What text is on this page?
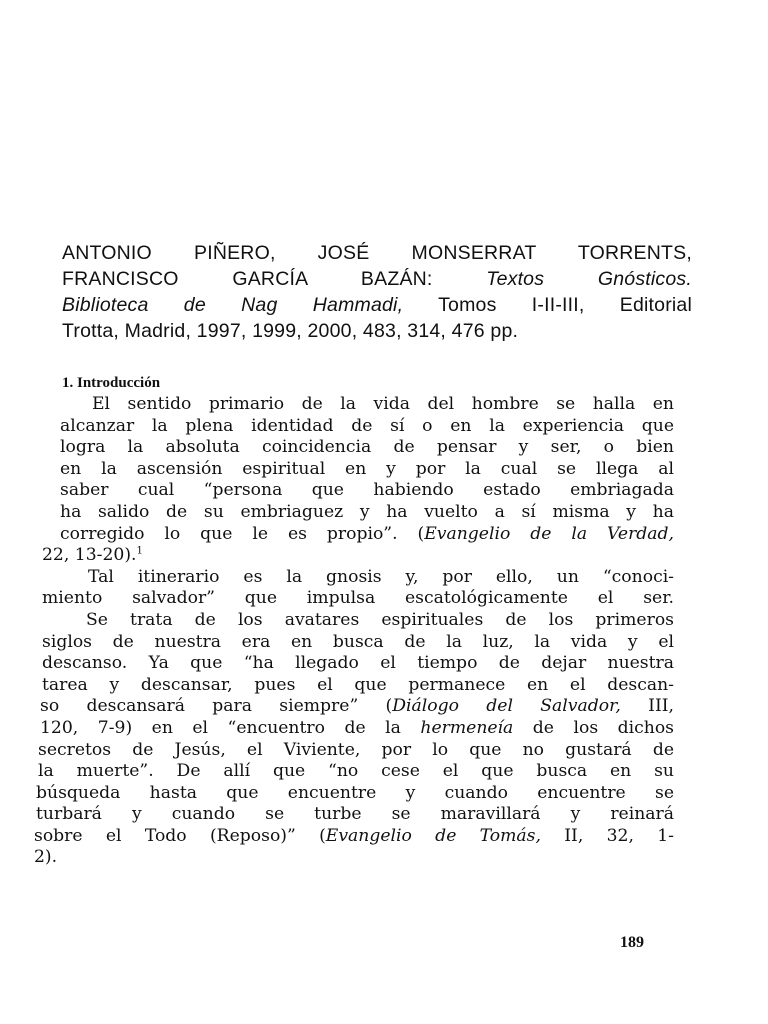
ANTONIO PIÑERO, JOSÉ MONSERRAT TORRENTS,
FRANCISCO GARCÍA BAZÁN: Textos Gnósticos.
Biblioteca de Nag Hammadi, Tomos I-II-III, Editorial
Trotta, Madrid, 1997, 1999, 2000, 483, 314, 476 pp.
1. Introducción
El sentido primario de la vida del hombre se halla en
alcanzar la plena identidad de sí o en la experiencia que
logra la absoluta coincidencia de pensar y ser, o bien
en la ascensión espiritual en y por la cual se llega al
saber cual “persona que habiendo estado embriagada
ha salido de su embriaguez y ha vuelto a sí misma y ha
corregido lo que le es propio”. (Evangelio de la Verdad,
22, 13-20).$^1$
Tal itinerario es la gnosis y, por ello, un “conoci-
miento salvador” que impulsa escatológicamente el ser.
Se trata de los avatares espirituales de los primeros
siglos de nuestra era en busca de la luz, la vida y el
descanso. Ya que “ha llegado el tiempo de dejar nuestra
tarea y descansar, pues el que permanece en el descan-
so descansará para siempre” (Diálogo del Salvador, III,
120, 7-9) en el “encuentro de la hermeneía de los dichos
secretos de Jesús, el Viviente, por lo que no gustará de
la muerte”. De allí que “no cese el que busca en su
búsqueda hasta que encuentre y cuando encuentre se
turbará y cuando se turbe se maravillará y reinará
sobre el Todo (Reposo)” (Evangelio de Tomás, II, 32, 1-
2).
189
